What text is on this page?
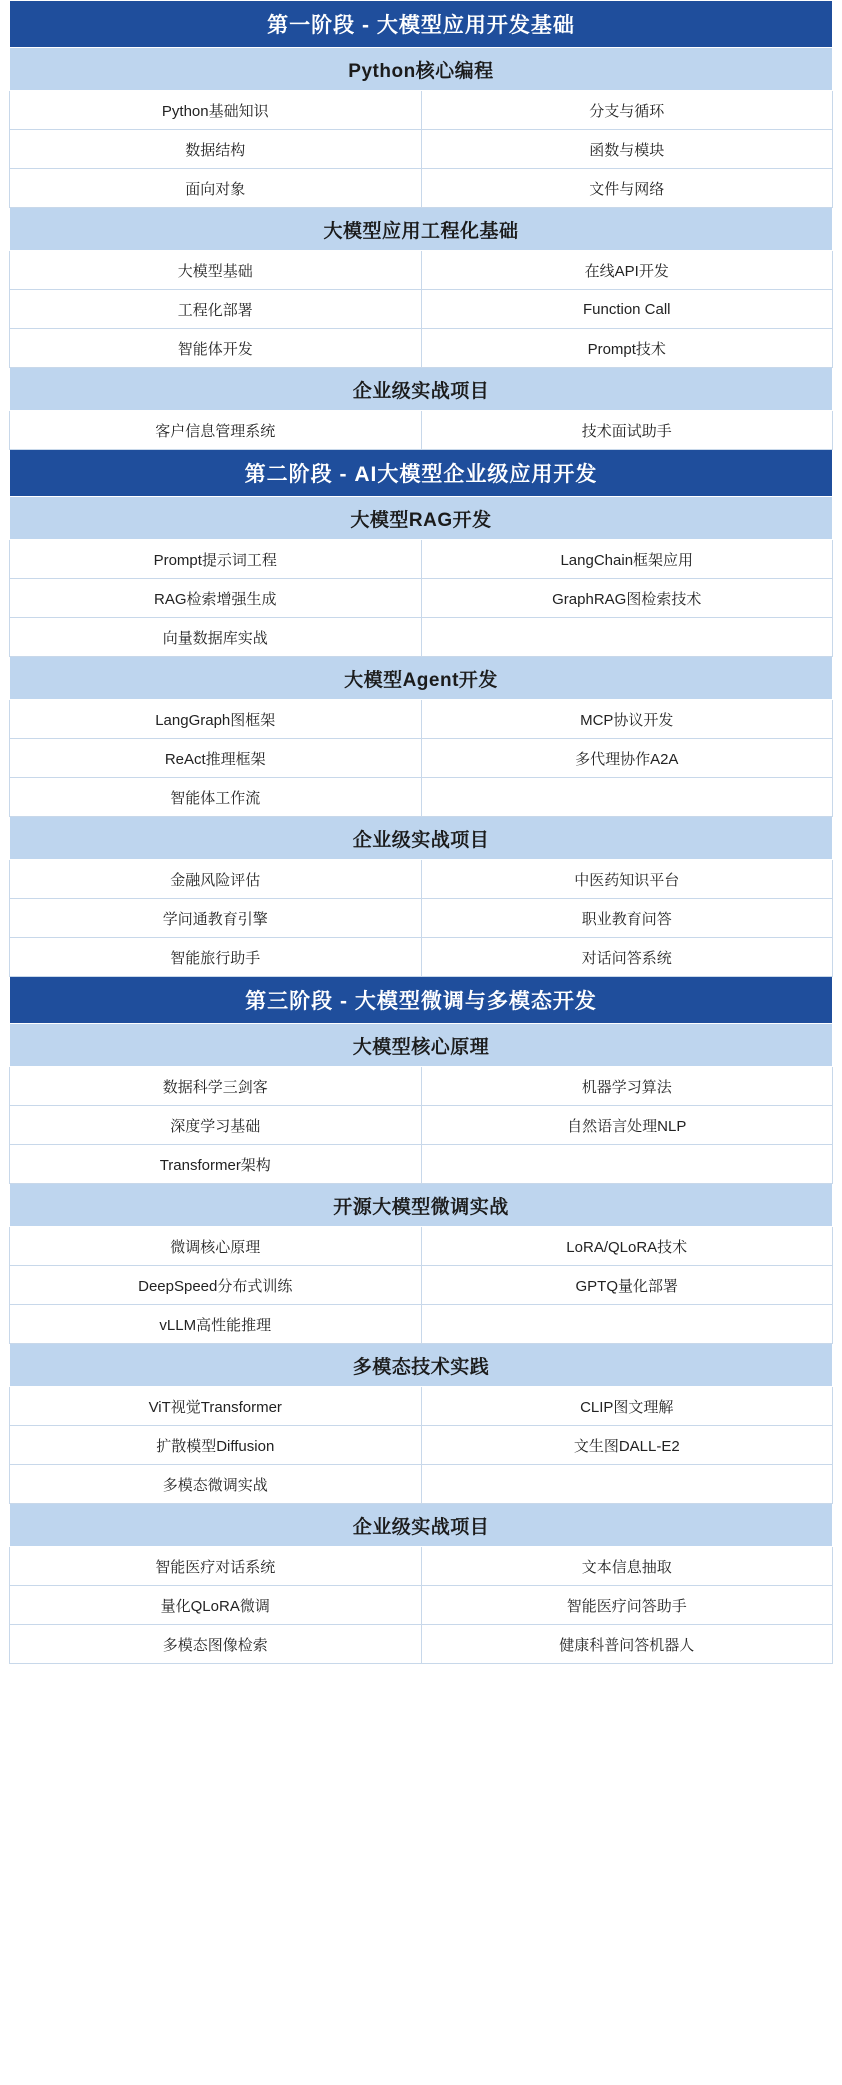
第一阶段 - 大模型应用开发基础	
Python核心编程	
Python基础知识	分支与循环
数据结构	函数与模块
面向对象	文件与网络
大模型应用工程化基础	
大模型基础	在线API开发
工程化部署	Function Call
智能体开发	Prompt技术
企业级实战项目	
客户信息管理系统	技术面试助手
第二阶段 - AI大模型企业级应用开发	
大模型RAG开发	
Prompt提示词工程	LangChain框架应用
RAG检索增强生成	GraphRAG图检索技术
向量数据库实战	
大模型Agent开发	
LangGraph图框架	MCP协议开发
ReAct推理框架	多代理协作A2A
智能体工作流	
企业级实战项目	
金融风险评估	中医药知识平台
学问通教育引擎	职业教育问答
智能旅行助手	对话问答系统
第三阶段 - 大模型微调与多模态开发	
大模型核心原理	
数据科学三剑客	机器学习算法
深度学习基础	自然语言处理NLP
Transformer架构	
开源大模型微调实战	
微调核心原理	LoRA/QLoRA技术
DeepSpeed分布式训练	GPTQ量化部署
vLLM高性能推理	
多模态技术实践	
ViT视觉Transformer	CLIP图文理解
扩散模型Diffusion	文生图DALL-E2
多模态微调实战	
企业级实战项目	
智能医疗对话系统	文本信息抽取
量化QLoRA微调	智能医疗问答助手
多模态图像检索	健康科普问答机器人
